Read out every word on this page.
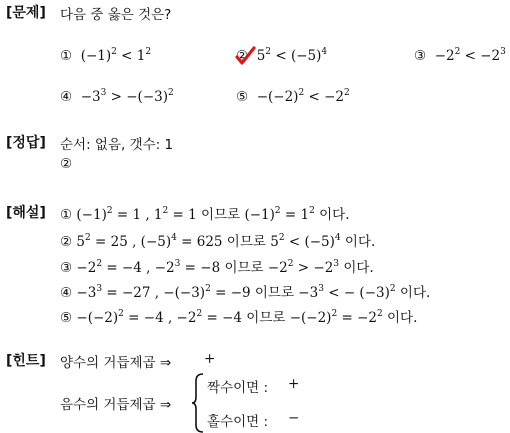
[문제] 다음 중 옳은 것은?
① $(-1)^2 < 1^2$	② $5^2 < (-5)^4$	③ $-2^2 < -2^3$
④ $-3^3 > -(-3)^2$	⑤ $-(-2)^2 < -2^2$
[정답] 순서: 없음, 갯수: 1
②
[해설] ① $(-1)^2 = 1$ , $1^2 = 1$ 이므로 $(-1)^2 = 1^2$ 이다.
② $5^2 = 25$ , $(-5)^4 = 625$ 이므로 $5^2 < (-5)^4$ 이다.
③ $-2^2 = -4$ , $-2^3 = -8$ 이므로 $-2^2 > -2^3$ 이다.
④ $-3^3 = -27$ , $-(-3)^2 = -9$ 이므로 $-3^3$ < − $(-3)^2$ 이다.
⑤ $-(-2)^2 = -4$ , $-2^2 = -4$ 이므로 $-(-2)^2 = -2^2$ 이다.
[힌트] 양수의 거듭제곱 ⇒ +
음수의 거듭제곱 ⇒
짝수이면 : +
홀수이면 : −
